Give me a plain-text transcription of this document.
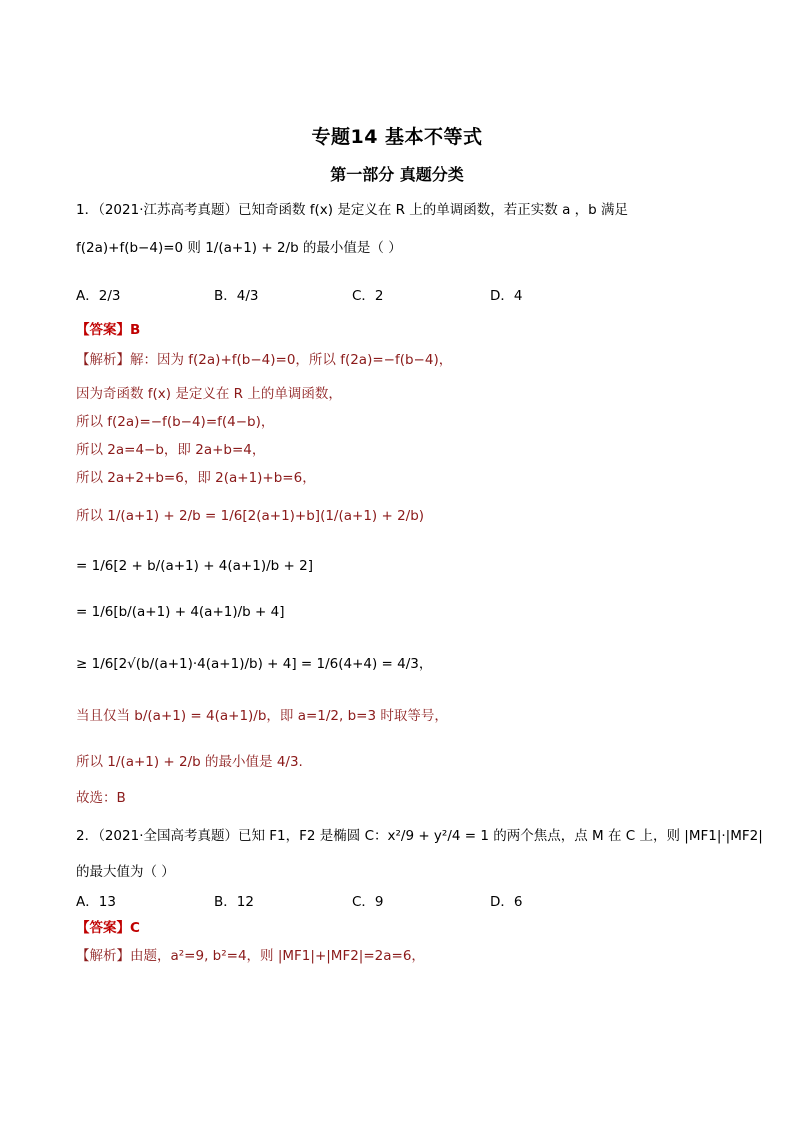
专题14 基本不等式
第一部分 真题分类
1．（2021·江苏高考真题）已知奇函数 f(x) 是定义在 R 上的单调函数，若正实数 a ，b 满足
f(2a)+f(b−4)=0 则 1/(a+1) + 2/b 的最小值是（ ）
A．2/3	B．4/3	C．2	D．4
【答案】B
【解析】解：因为 f(2a)+f(b−4)=0，所以 f(2a)=−f(b−4)，
因为奇函数 f(x) 是定义在 R 上的单调函数，
所以 f(2a)=−f(b−4)=f(4−b)，
所以 2a=4−b，即 2a+b=4，
所以 2a+2+b=6，即 2(a+1)+b=6，
所以 1/(a+1) + 2/b = 1/6[2(a+1)+b](1/(a+1) + 2/b)
= 1/6[2 + b/(a+1) + 4(a+1)/b + 2]
= 1/6[b/(a+1) + 4(a+1)/b + 4]
≥ 1/6[2√(b/(a+1)·4(a+1)/b) + 4] = 1/6(4+4) = 4/3，
当且仅当 b/(a+1) = 4(a+1)/b，即 a=1/2, b=3 时取等号，
所以 1/(a+1) + 2/b 的最小值是 4/3.
故选：B
2．（2021·全国高考真题）已知 F1，F2 是椭圆 C：x²/9 + y²/4 = 1 的两个焦点，点 M 在 C 上，则 |MF1|·|MF2|
的最大值为（ ）
A．13	B．12	C．9	D．6
【答案】C
【解析】由题，a²=9, b²=4，则 |MF1|+|MF2|=2a=6，
